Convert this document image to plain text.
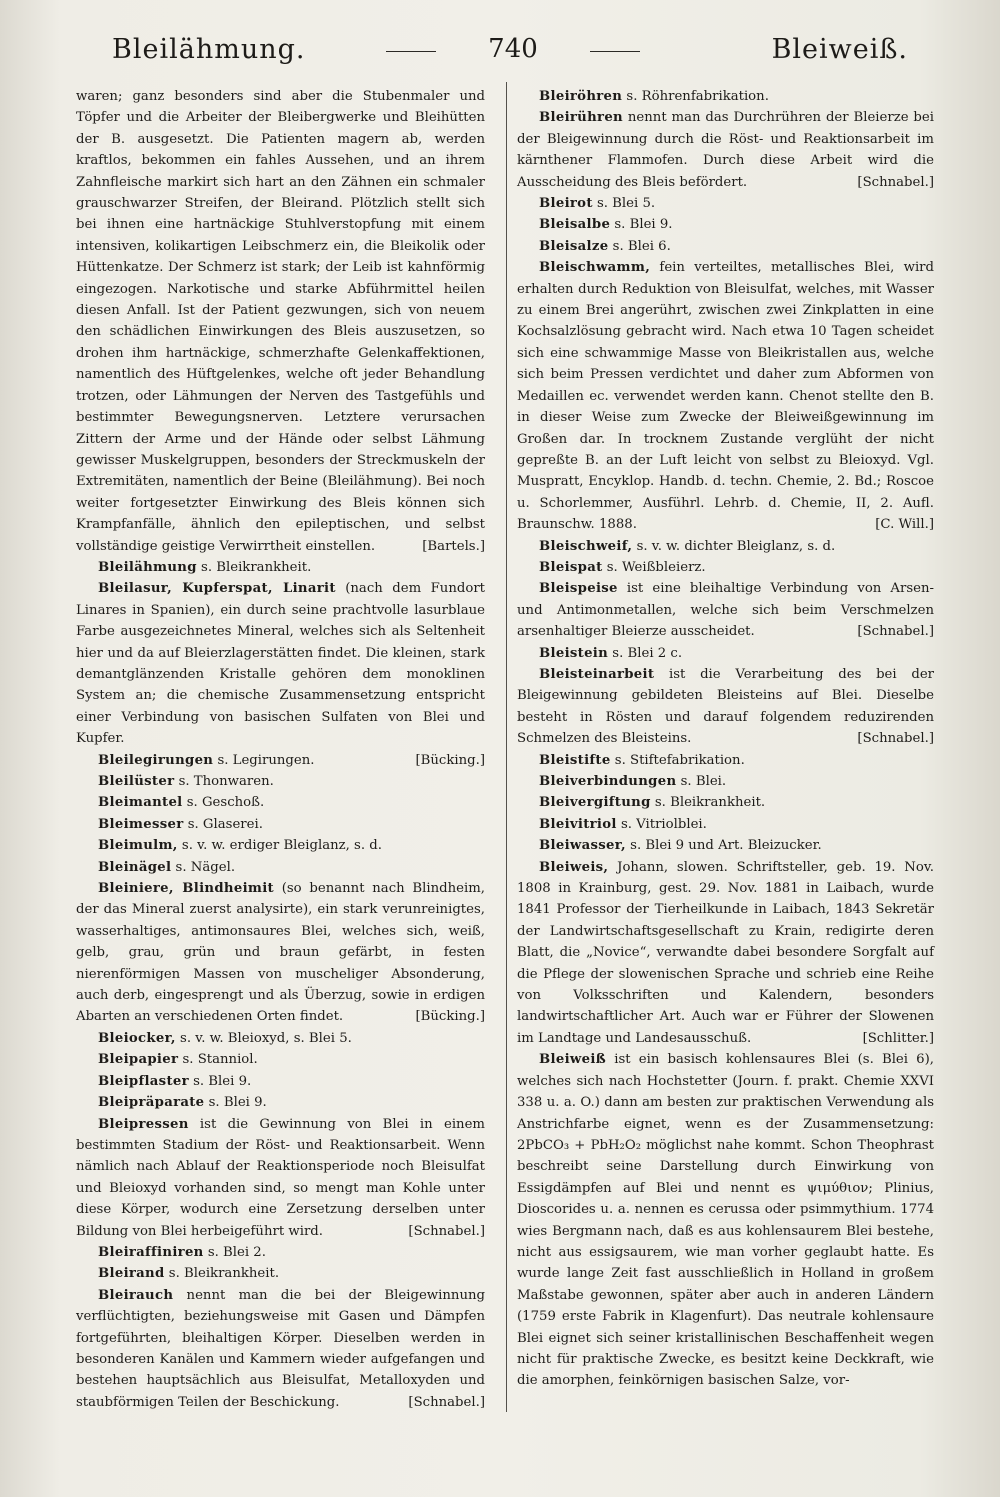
Bleilähmung.	740	Bleiweiß.

waren; ganz besonders sind aber die Stubenmaler und Töpfer und die Arbeiter der Bleibergwerke und Bleihütten der B. ausgesetzt. Die Patienten magern ab, werden kraftlos, bekommen ein fahles Aussehen, und an ihrem Zahnfleische markirt sich hart an den Zähnen ein schmaler grauschwarzer Streifen, der Bleirand. Plötzlich stellt sich bei ihnen eine hartnäckige Stuhlverstopfung mit einem intensiven, kolikartigen Leibschmerz ein, die Bleikolik oder Hüttenkatze. Der Schmerz ist stark; der Leib ist kahnförmig eingezogen. Narkotische und starke Abführmittel heilen diesen Anfall. Ist der Patient gezwungen, sich von neuem den schädlichen Einwirkungen des Bleis auszusetzen, so drohen ihm hartnäckige, schmerzhafte Gelenkaffektionen, namentlich des Hüftgelenkes, welche oft jeder Behandlung trotzen, oder Lähmungen der Nerven des Tastgefühls und bestimmter Bewegungsnerven. Letztere verursachen Zittern der Arme und der Hände oder selbst Lähmung gewisser Muskelgruppen, besonders der Streckmuskeln der Extremitäten, namentlich der Beine (Bleilähmung). Bei noch weiter fortgesetzter Einwirkung des Bleis können sich Krampfanfälle, ähnlich den epileptischen, und selbst vollständige geistige Verwirrtheit einstellen.	[Bartels.]

Bleilähmung s. Bleikrankheit.

Bleilasur, Kupferspat, Linarit (nach dem Fundort Linares in Spanien), ein durch seine prachtvolle lasurblaue Farbe ausgezeichnetes Mineral, welches sich als Seltenheit hier und da auf Bleierzlagerstätten findet. Die kleinen, stark demantglänzenden Kristalle gehören dem monoklinen System an; die chemische Zusammensetzung entspricht einer Verbindung von basischen Sulfaten von Blei und Kupfer.

Bleilegirungen s. Legirungen.	[Bücking.]

Bleilüster s. Thonwaren.

Bleimantel s. Geschoß.

Bleimesser s. Glaserei.

Bleimulm, s. v. w. erdiger Bleiglanz, s. d.

Bleinägel s. Nägel.

Bleiniere, Blindheimit (so benannt nach Blindheim, der das Mineral zuerst analysirte), ein stark verunreinigtes, wasserhaltiges, antimonsaures Blei, welches sich, weiß, gelb, grau, grün und braun gefärbt, in festen nierenförmigen Massen von muscheliger Absonderung, auch derb, eingesprengt und als Überzug, sowie in erdigen Abarten an verschiedenen Orten findet.	[Bücking.]

Bleiocker, s. v. w. Bleioxyd, s. Blei 5.

Bleipapier s. Stanniol.

Bleipflaster s. Blei 9.

Bleipräparate s. Blei 9.

Bleipressen ist die Gewinnung von Blei in einem bestimmten Stadium der Röst- und Reaktionsarbeit. Wenn nämlich nach Ablauf der Reaktionsperiode noch Bleisulfat und Bleioxyd vorhanden sind, so mengt man Kohle unter diese Körper, wodurch eine Zersetzung derselben unter Bildung von Blei herbeigeführt wird.	[Schnabel.]

Bleiraffiniren s. Blei 2.

Bleirand s. Bleikrankheit.

Bleirauch nennt man die bei der Bleigewinnung verflüchtigten, beziehungsweise mit Gasen und Dämpfen fortgeführten, bleihaltigen Körper. Dieselben werden in besonderen Kanälen und Kammern wieder aufgefangen und bestehen hauptsächlich aus Bleisulfat, Metalloxyden und staubförmigen Teilen der Beschickung.	[Schnabel.]

Bleiröhren s. Röhrenfabrikation.

Bleirühren nennt man das Durchrühren der Bleierze bei der Bleigewinnung durch die Röst- und Reaktionsarbeit im kärnthener Flammofen. Durch diese Arbeit wird die Ausscheidung des Bleis befördert.	[Schnabel.]

Bleirot s. Blei 5.

Bleisalbe s. Blei 9.

Bleisalze s. Blei 6.

Bleischwamm, fein verteiltes, metallisches Blei, wird erhalten durch Reduktion von Bleisulfat, welches, mit Wasser zu einem Brei angerührt, zwischen zwei Zinkplatten in eine Kochsalzlösung gebracht wird. Nach etwa 10 Tagen scheidet sich eine schwammige Masse von Bleikristallen aus, welche sich beim Pressen verdichtet und daher zum Abformen von Medaillen ec. verwendet werden kann. Chenot stellte den B. in dieser Weise zum Zwecke der Bleiweißgewinnung im Großen dar. In trocknem Zustande verglüht der nicht gepreßte B. an der Luft leicht von selbst zu Bleioxyd. Vgl. Muspratt, Encyklop. Handb. d. techn. Chemie, 2. Bd.; Roscoe u. Schorlemmer, Ausführl. Lehrb. d. Chemie, II, 2. Aufl. Braunschw. 1888.	[C. Will.]

Bleischweif, s. v. w. dichter Bleiglanz, s. d.

Bleispat s. Weißbleierz.

Bleispeise ist eine bleihaltige Verbindung von Arsen- und Antimonmetallen, welche sich beim Verschmelzen arsenhaltiger Bleierze ausscheidet.	[Schnabel.]

Bleistein s. Blei 2 c.

Bleisteinarbeit ist die Verarbeitung des bei der Bleigewinnung gebildeten Bleisteins auf Blei. Dieselbe besteht in Rösten und darauf folgendem reduzirenden Schmelzen des Bleisteins.	[Schnabel.]

Bleistifte s. Stiftefabrikation.

Bleiverbindungen s. Blei.

Bleivergiftung s. Bleikrankheit.

Bleivitriol s. Vitriolblei.

Bleiwasser, s. Blei 9 und Art. Bleizucker.

Bleiweis, Johann, slowen. Schriftsteller, geb. 19. Nov. 1808 in Krainburg, gest. 29. Nov. 1881 in Laibach, wurde 1841 Professor der Tierheilkunde in Laibach, 1843 Sekretär der Landwirtschaftsgesellschaft zu Krain, redigirte deren Blatt, die „Novice“, verwandte dabei besondere Sorgfalt auf die Pflege der slowenischen Sprache und schrieb eine Reihe von Volksschriften und Kalendern, besonders landwirtschaftlicher Art. Auch war er Führer der Slowenen im Landtage und Landesausschuß.	[Schlitter.]

Bleiweiß ist ein basisch kohlensaures Blei (s. Blei 6), welches sich nach Hochstetter (Journ. f. prakt. Chemie XXVI 338 u. a. O.) dann am besten zur praktischen Verwendung als Anstrichfarbe eignet, wenn es der Zusammensetzung: 2PbCO₃ + PbH₂O₂ möglichst nahe kommt. Schon Theophrast beschreibt seine Darstellung durch Einwirkung von Essigdämpfen auf Blei und nennt es ψιμύθιον; Plinius, Dioscorides u. a. nennen es cerussa oder psimmythium. 1774 wies Bergmann nach, daß es aus kohlensaurem Blei bestehe, nicht aus essigsaurem, wie man vorher geglaubt hatte. Es wurde lange Zeit fast ausschließlich in Holland in großem Maßstabe gewonnen, später aber auch in anderen Ländern (1759 erste Fabrik in Klagenfurt). Das neutrale kohlensaure Blei eignet sich seiner kristallinischen Beschaffenheit wegen nicht für praktische Zwecke, es besitzt keine Deckkraft, wie die amorphen, feinkörnigen basischen Salze, vor-
